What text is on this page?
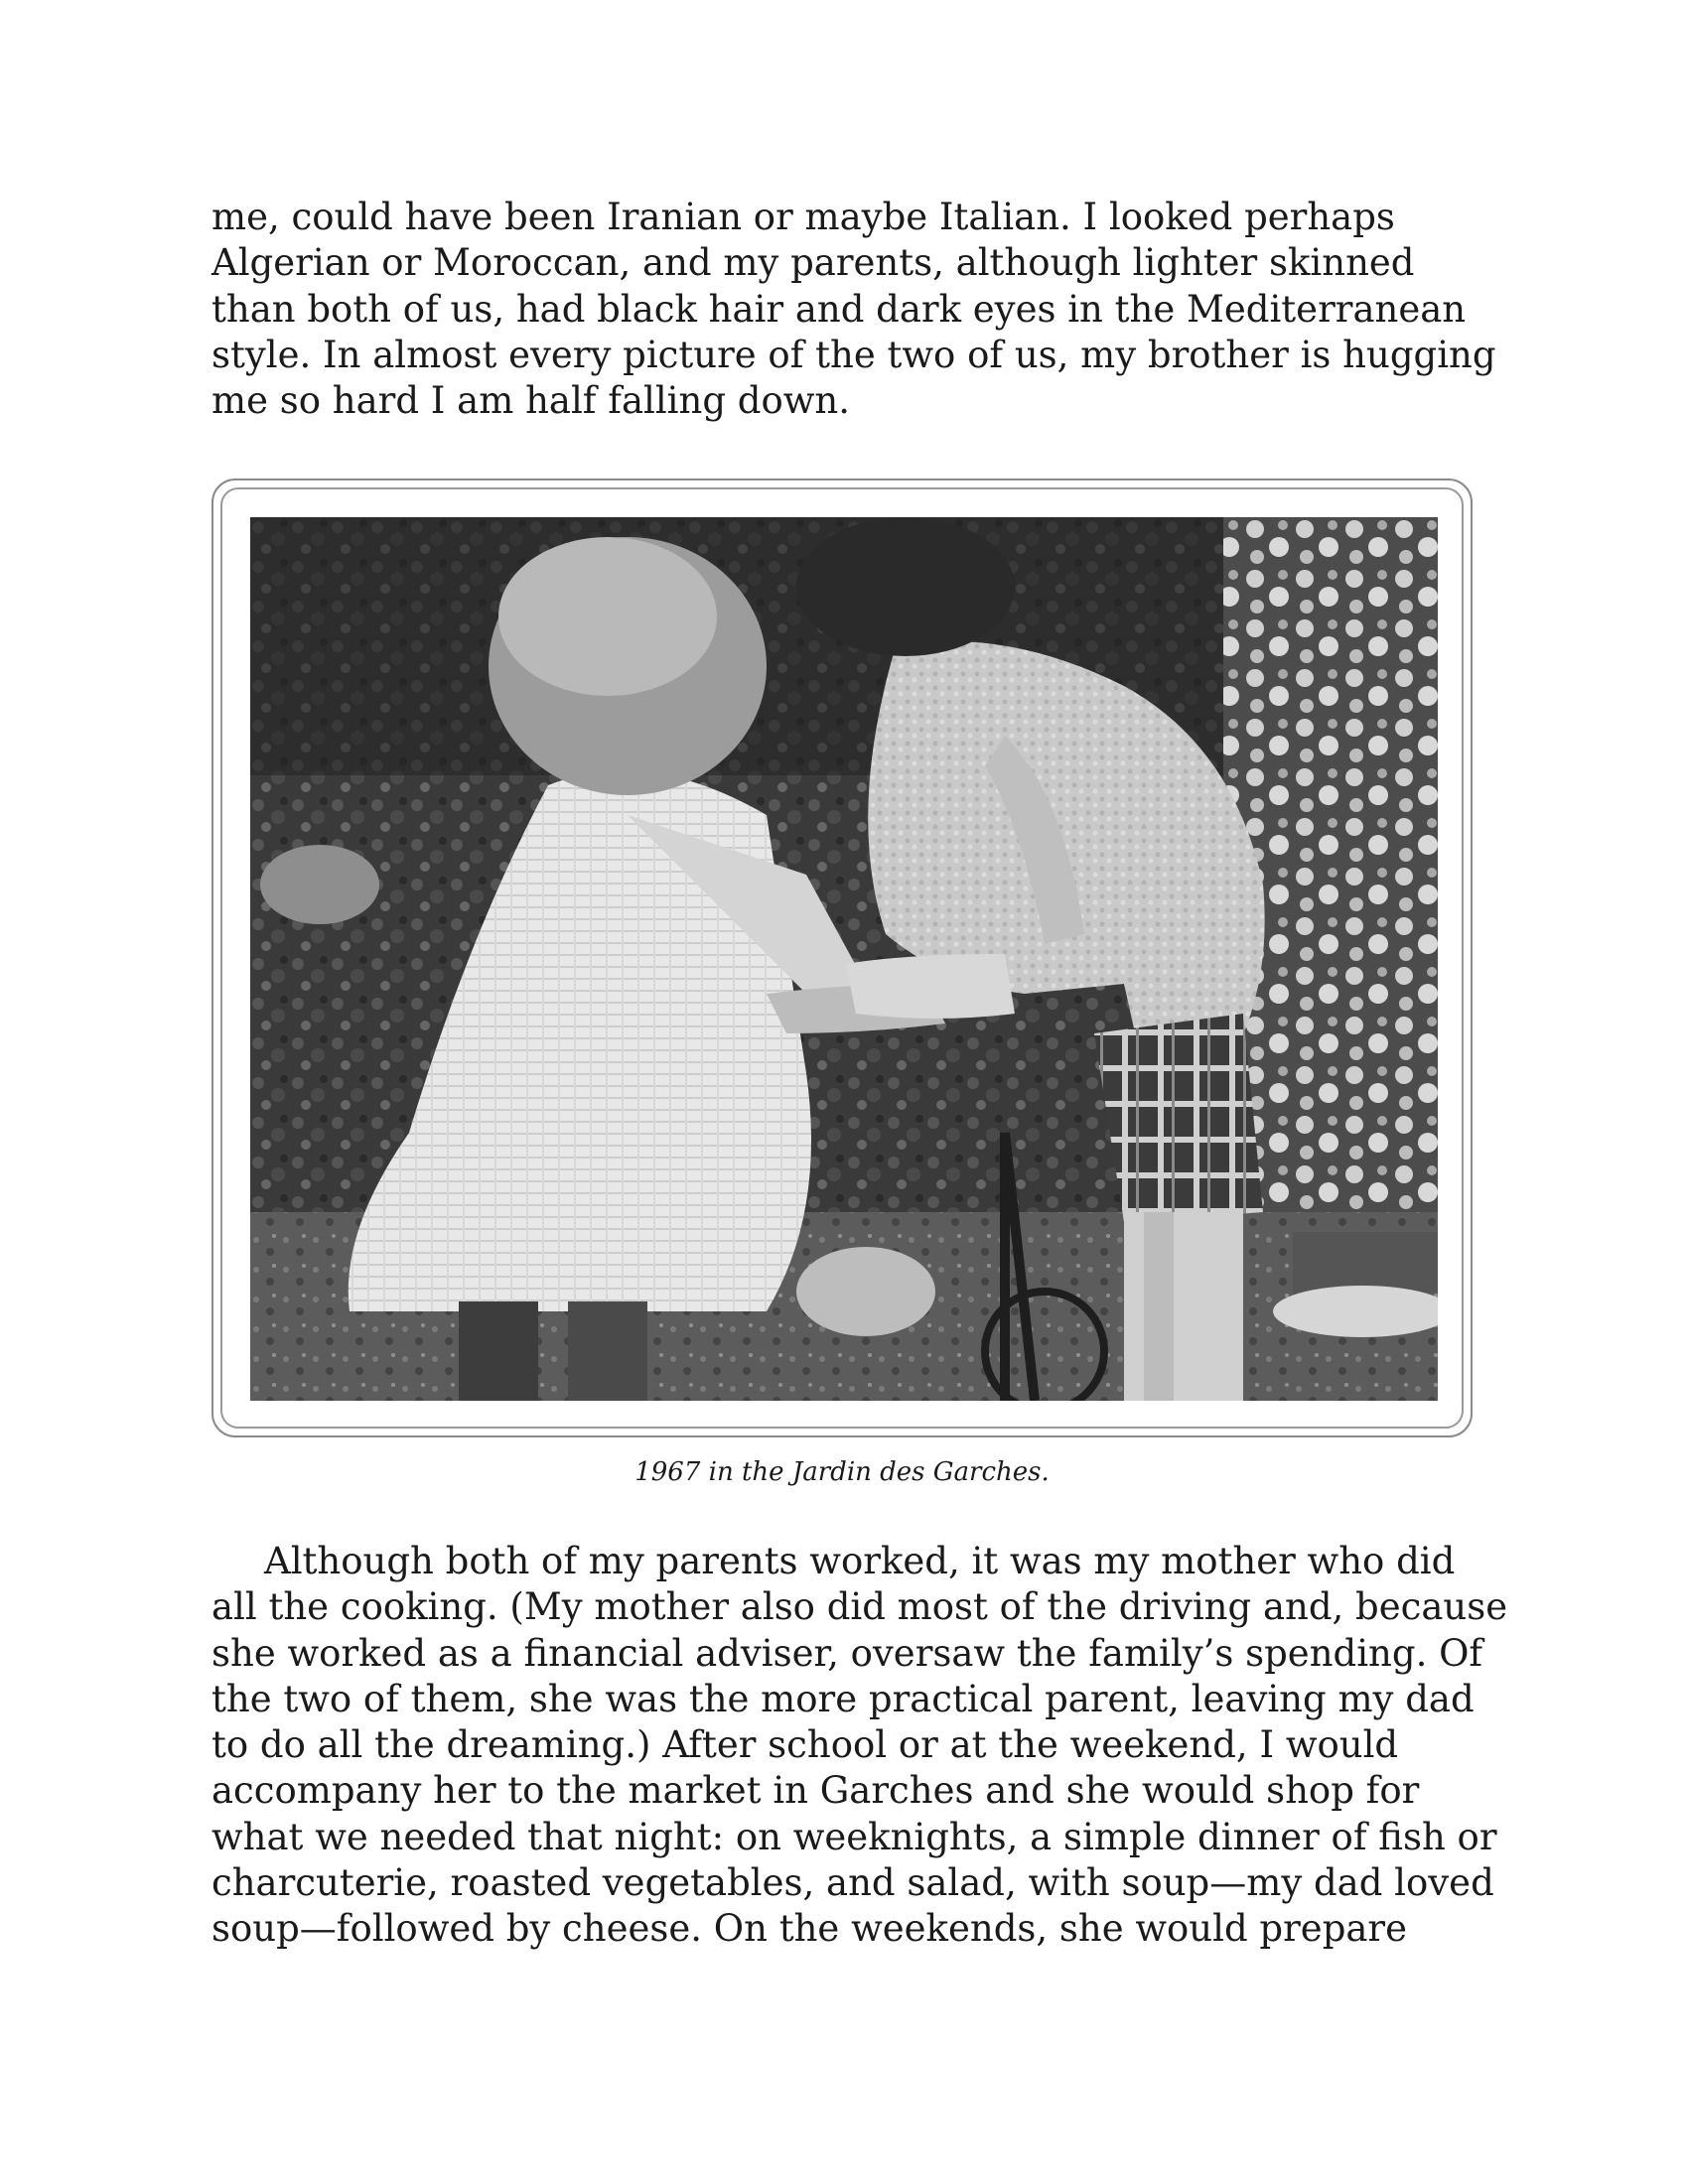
me, could have been Iranian or maybe Italian. I looked perhaps
Algerian or Moroccan, and my parents, although lighter skinned
than both of us, had black hair and dark eyes in the Mediterranean
style. In almost every picture of the two of us, my brother is hugging
me so hard I am half falling down.

1967 in the Jardin des Garches.

Although both of my parents worked, it was my mother who did
all the cooking. (My mother also did most of the driving and, because
she worked as a financial adviser, oversaw the family’s spending. Of
the two of them, she was the more practical parent, leaving my dad
to do all the dreaming.) After school or at the weekend, I would
accompany her to the market in Garches and she would shop for
what we needed that night: on weeknights, a simple dinner of fish or
charcuterie, roasted vegetables, and salad, with soup—my dad loved
soup—followed by cheese. On the weekends, she would prepare
